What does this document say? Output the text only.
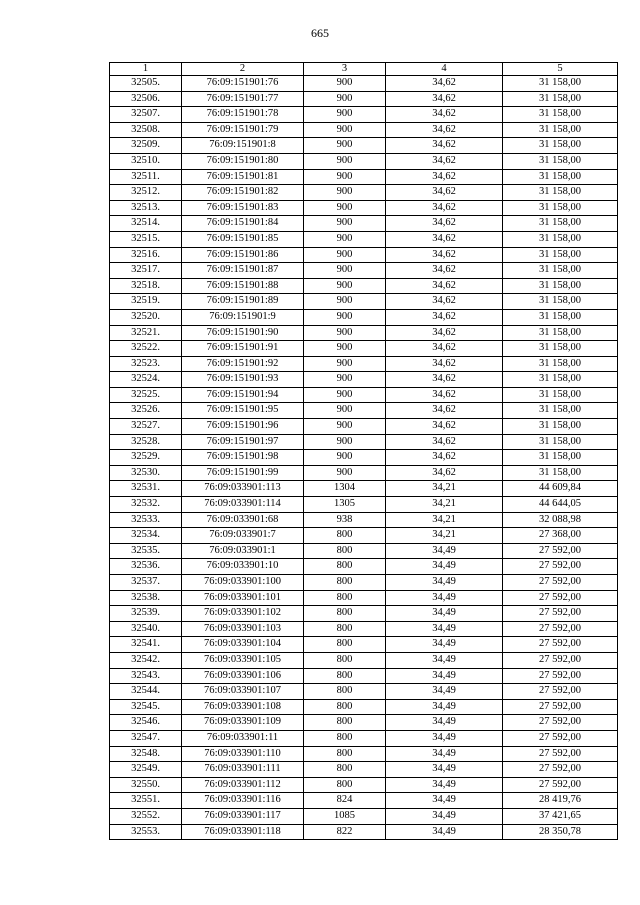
665
1	2	3	4	5
32505.	76:09:151901:76	900	34,62	31 158,00
32506.	76:09:151901:77	900	34,62	31 158,00
32507.	76:09:151901:78	900	34,62	31 158,00
32508.	76:09:151901:79	900	34,62	31 158,00
32509.	76:09:151901:8	900	34,62	31 158,00
32510.	76:09:151901:80	900	34,62	31 158,00
32511.	76:09:151901:81	900	34,62	31 158,00
32512.	76:09:151901:82	900	34,62	31 158,00
32513.	76:09:151901:83	900	34,62	31 158,00
32514.	76:09:151901:84	900	34,62	31 158,00
32515.	76:09:151901:85	900	34,62	31 158,00
32516.	76:09:151901:86	900	34,62	31 158,00
32517.	76:09:151901:87	900	34,62	31 158,00
32518.	76:09:151901:88	900	34,62	31 158,00
32519.	76:09:151901:89	900	34,62	31 158,00
32520.	76:09:151901:9	900	34,62	31 158,00
32521.	76:09:151901:90	900	34,62	31 158,00
32522.	76:09:151901:91	900	34,62	31 158,00
32523.	76:09:151901:92	900	34,62	31 158,00
32524.	76:09:151901:93	900	34,62	31 158,00
32525.	76:09:151901:94	900	34,62	31 158,00
32526.	76:09:151901:95	900	34,62	31 158,00
32527.	76:09:151901:96	900	34,62	31 158,00
32528.	76:09:151901:97	900	34,62	31 158,00
32529.	76:09:151901:98	900	34,62	31 158,00
32530.	76:09:151901:99	900	34,62	31 158,00
32531.	76:09:033901:113	1304	34,21	44 609,84
32532.	76:09:033901:114	1305	34,21	44 644,05
32533.	76:09:033901:68	938	34,21	32 088,98
32534.	76:09:033901:7	800	34,21	27 368,00
32535.	76:09:033901:1	800	34,49	27 592,00
32536.	76:09:033901:10	800	34,49	27 592,00
32537.	76:09:033901:100	800	34,49	27 592,00
32538.	76:09:033901:101	800	34,49	27 592,00
32539.	76:09:033901:102	800	34,49	27 592,00
32540.	76:09:033901:103	800	34,49	27 592,00
32541.	76:09:033901:104	800	34,49	27 592,00
32542.	76:09:033901:105	800	34,49	27 592,00
32543.	76:09:033901:106	800	34,49	27 592,00
32544.	76:09:033901:107	800	34,49	27 592,00
32545.	76:09:033901:108	800	34,49	27 592,00
32546.	76:09:033901:109	800	34,49	27 592,00
32547.	76:09:033901:11	800	34,49	27 592,00
32548.	76:09:033901:110	800	34,49	27 592,00
32549.	76:09:033901:111	800	34,49	27 592,00
32550.	76:09:033901:112	800	34,49	27 592,00
32551.	76:09:033901:116	824	34,49	28 419,76
32552.	76:09:033901:117	1085	34,49	37 421,65
32553.	76:09:033901:118	822	34,49	28 350,78
